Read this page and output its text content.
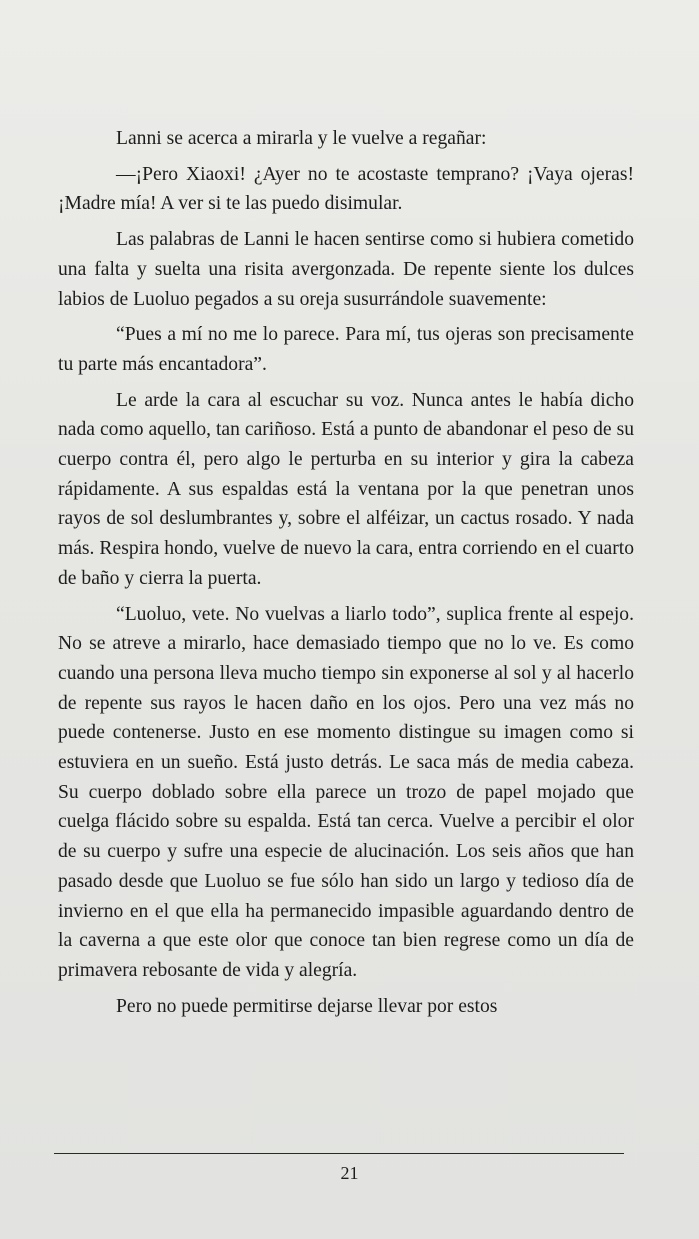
Lanni se acerca a mirarla y le vuelve a regañar:

—¡Pero Xiaoxi! ¿Ayer no te acostaste temprano? ¡Vaya ojeras! ¡Madre mía! A ver si te las puedo disimular.

Las palabras de Lanni le hacen sentirse como si hubiera cometido una falta y suelta una risita avergonzada. De repente siente los dulces labios de Luoluo pegados a su oreja susurrándole suavemente:

“Pues a mí no me lo parece. Para mí, tus ojeras son precisamente tu parte más encantadora”.

Le arde la cara al escuchar su voz. Nunca antes le había dicho nada como aquello, tan cariñoso. Está a punto de abandonar el peso de su cuerpo contra él, pero algo le perturba en su interior y gira la cabeza rápidamente. A sus espaldas está la ventana por la que penetran unos rayos de sol deslumbrantes y, sobre el alféizar, un cactus rosado. Y nada más. Respira hondo, vuelve de nuevo la cara, entra corriendo en el cuarto de baño y cierra la puerta.

“Luoluo, vete. No vuelvas a liarlo todo”, suplica frente al espejo. No se atreve a mirarlo, hace demasiado tiempo que no lo ve. Es como cuando una persona lleva mucho tiempo sin exponerse al sol y al hacerlo de repente sus rayos le hacen daño en los ojos. Pero una vez más no puede contenerse. Justo en ese momento distingue su imagen como si estuviera en un sueño. Está justo detrás. Le saca más de media cabeza. Su cuerpo doblado sobre ella parece un trozo de papel mojado que cuelga flácido sobre su espalda. Está tan cerca. Vuelve a percibir el olor de su cuerpo y sufre una especie de alucinación. Los seis años que han pasado desde que Luoluo se fue sólo han sido un largo y tedioso día de invierno en el que ella ha permanecido impasible aguardando dentro de la caverna a que este olor que conoce tan bien regrese como un día de primavera rebosante de vida y alegría.

Pero no puede permitirse dejarse llevar por estos

21
